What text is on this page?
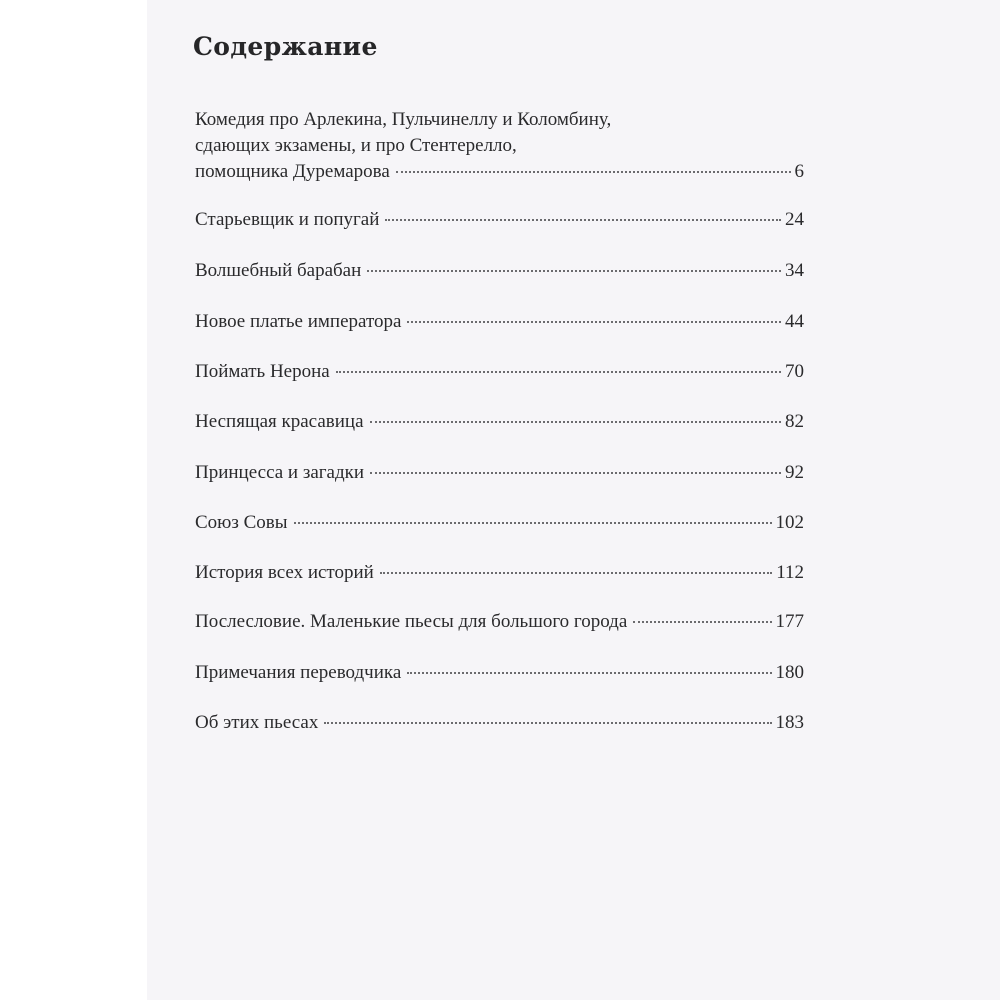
Содержание
Комедия про Арлекина, Пульчинеллу и Коломбину,
сдающих экзамены, и про Стентерелло,
помощника Дуремарова	6
Старьевщик и попугай	24
Волшебный барабан	34
Новое платье императора	44
Поймать Нерона	70
Неспящая красавица	82
Принцесса и загадки	92
Союз Совы	102
История всех историй	112
Послесловие. Маленькие пьесы для большого города	177
Примечания переводчика	180
Об этих пьесах	183
